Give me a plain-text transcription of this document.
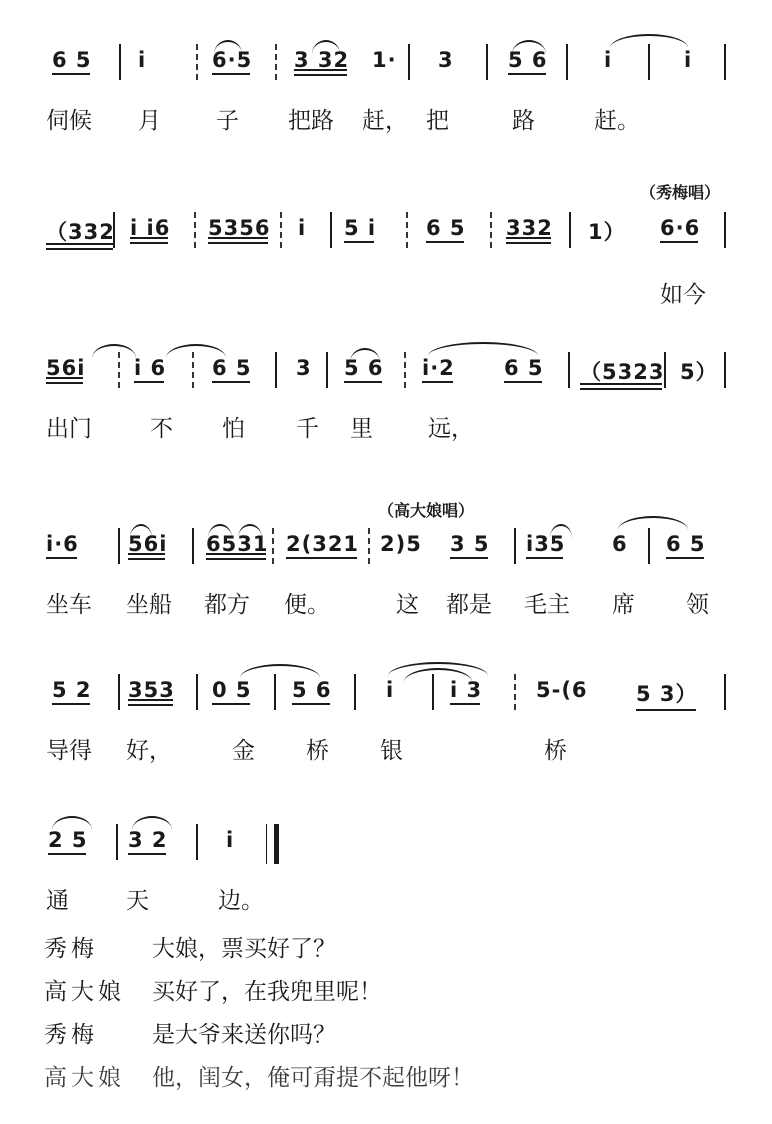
6 5 i	6·5 3 32 1· 3	5 6	i	i
伺候 月 子 把路 赶， 把	路	赶。
（秀梅唱）
（332 i i6 5356 i 5 i 6 5 332 1） 6·6
如今
56i i 6 6 5 3 5 6 i·2 6 5 （5323 5）
出门	不 怕 千 里 远，
（高大娘唱）
i·6 56i 6531 2(321 2)5 3 5 i35 6 6 5
坐车 坐船 都方 便。	这 都是 毛主 席 领
5 2 353 0 5 5 6	i	i 3	5-(6 5 3）
导得 好，	金 桥 银	桥
2 5 3 2	i
通 天	边。
秀梅	大娘，票买好了？
高大娘	买好了，在我兜里呢！
秀梅	是大爷来送你吗？
高大娘	他，闺女，俺可甭提不起他呀！
